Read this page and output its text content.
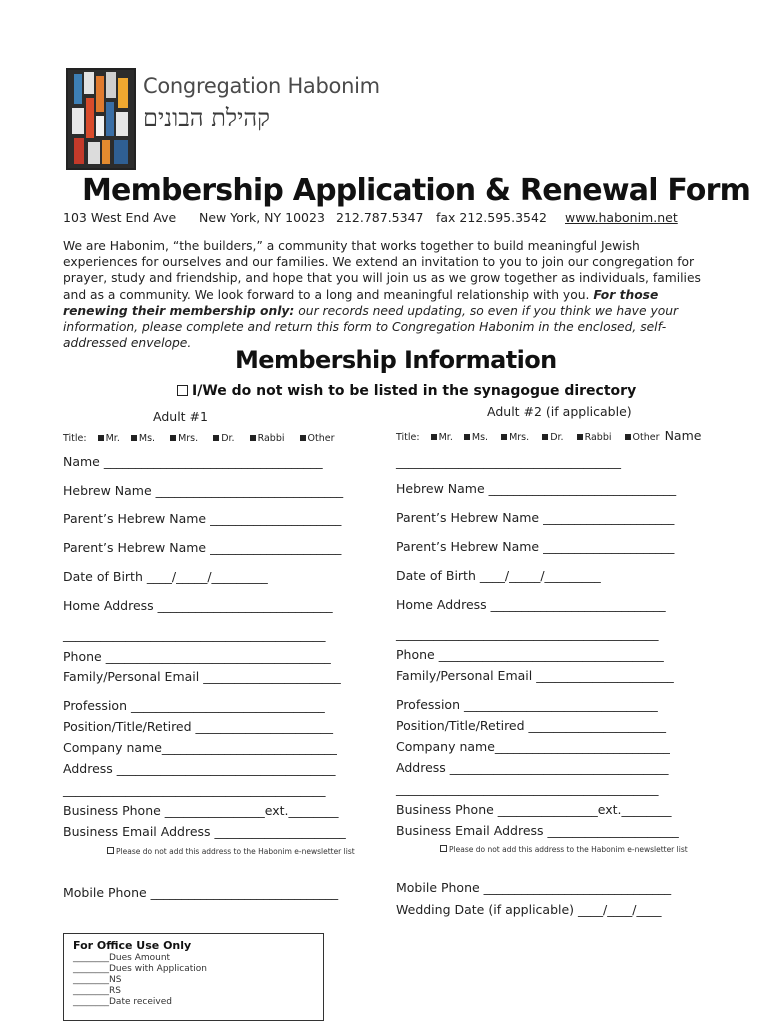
Congregation Habonim
קהילת הבונים
Membership Application & Renewal Form
103 West End Ave New York, NY 10023 212.787.5347 fax 212.595.3542 www.habonim.net
We are Habonim, “the builders,” a community that works together to build meaningful Jewish experiences for ourselves and our families. We extend an invitation to you to join our congregation for prayer, study and friendship, and hope that you will join us as we grow together as individuals, families and as a community. We look forward to a long and meaningful relationship with you. For those renewing their membership only: our records need updating, so even if you think we have your information, please complete and return this form to Congregation Habonim in the enclosed, self-addressed envelope.
Membership Information
I/We do not wish to be listed in the synagogue directory
Adult #1	Adult #2 (if applicable)
Title: Mr. Ms. Mrs. Dr. Rabbi Other	Title: Mr. Ms. Mrs. Dr. Rabbi Other Name
Name ___________________________________
Hebrew Name ______________________________
Parent’s Hebrew Name _____________________
Parent’s Hebrew Name _____________________
Date of Birth ____/_____/_________
Home Address ____________________________
__________________________________________
Phone ____________________________________
Family/Personal Email ______________________
Profession _______________________________
Position/Title/Retired ______________________
Company name____________________________
Address ___________________________________
__________________________________________
Business Phone ________________ext.________
Business Email Address _____________________
Please do not add this address to the Habonim e-newsletter list
Mobile Phone ______________________________
____________________________________
Hebrew Name ______________________________
Parent’s Hebrew Name _____________________
Parent’s Hebrew Name _____________________
Date of Birth ____/_____/_________
Home Address ____________________________
__________________________________________
Phone ____________________________________
Family/Personal Email ______________________
Profession _______________________________
Position/Title/Retired ______________________
Company name____________________________
Address ___________________________________
__________________________________________
Business Phone ________________ext.________
Business Email Address _____________________
Please do not add this address to the Habonim e-newsletter list
Mobile Phone ______________________________
Wedding Date (if applicable) ____/____/____
For Office Use Only
________Dues Amount
________Dues with Application
________NS
________RS
________Date received
